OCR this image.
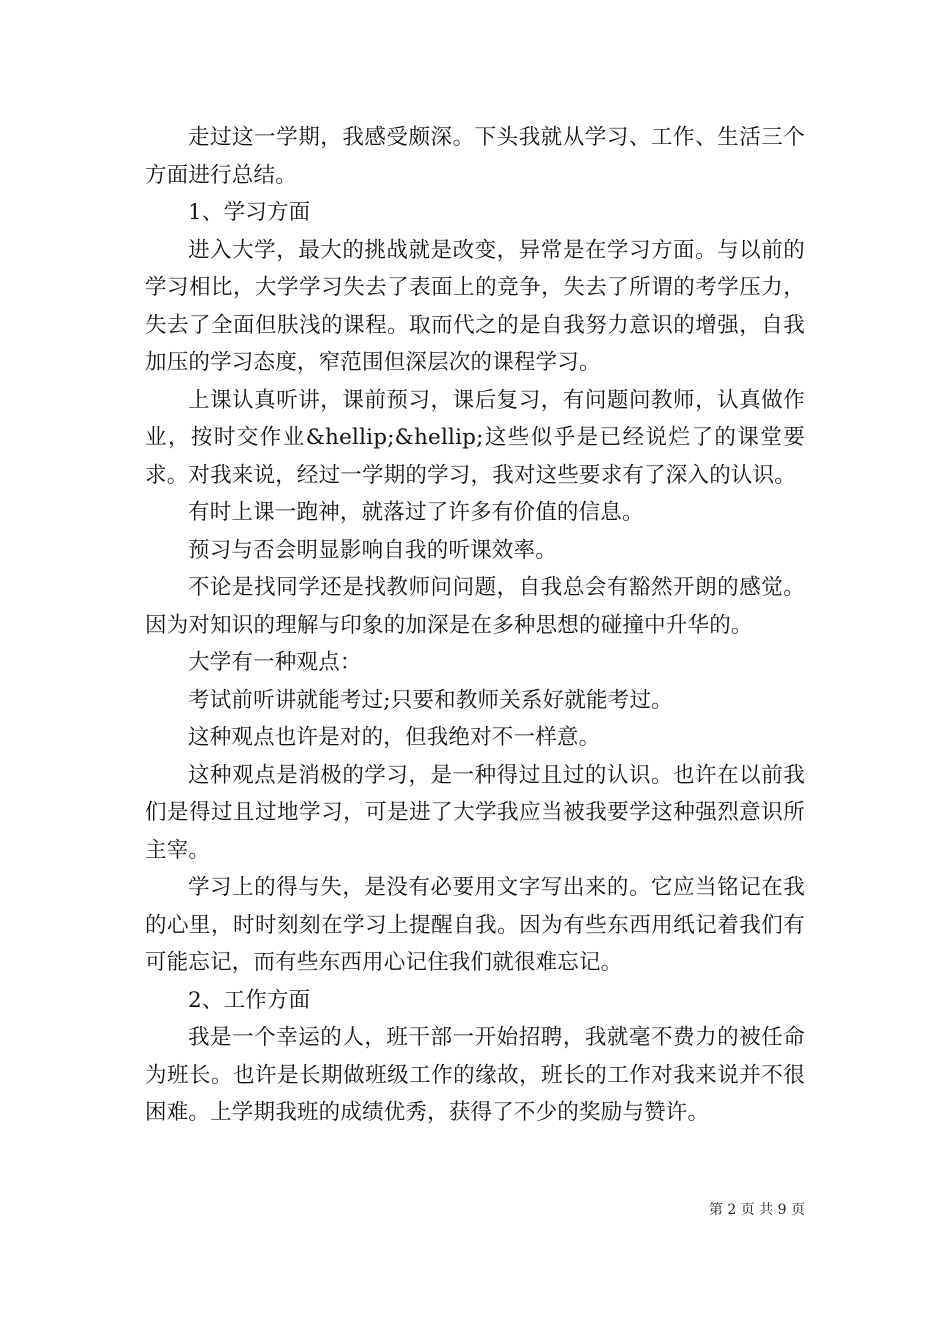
走过这一学期，我感受颇深。下头我就从学习、工作、生活三个方面进行总结。

1、学习方面

进入大学，最大的挑战就是改变，异常是在学习方面。与以前的学习相比，大学学习失去了表面上的竞争，失去了所谓的考学压力，失去了全面但肤浅的课程。取而代之的是自我努力意识的增强，自我加压的学习态度，窄范围但深层次的课程学习。

上课认真听讲，课前预习，课后复习，有问题问教师，认真做作业，按时交作业&hellip;&hellip;这些似乎是已经说烂了的课堂要求。对我来说，经过一学期的学习，我对这些要求有了深入的认识。

有时上课一跑神，就落过了许多有价值的信息。

预习与否会明显影响自我的听课效率。

不论是找同学还是找教师问问题，自我总会有豁然开朗的感觉。因为对知识的理解与印象的加深是在多种思想的碰撞中升华的。

大学有一种观点：

考试前听讲就能考过;只要和教师关系好就能考过。

这种观点也许是对的，但我绝对不一样意。

这种观点是消极的学习，是一种得过且过的认识。也许在以前我们是得过且过地学习，可是进了大学我应当被我要学这种强烈意识所主宰。

学习上的得与失，是没有必要用文字写出来的。它应当铭记在我的心里，时时刻刻在学习上提醒自我。因为有些东西用纸记着我们有可能忘记，而有些东西用心记住我们就很难忘记。

2、工作方面

我是一个幸运的人，班干部一开始招聘，我就毫不费力的被任命为班长。也许是长期做班级工作的缘故，班长的工作对我来说并不很困难。上学期我班的成绩优秀，获得了不少的奖励与赞许。

第 2 页 共 9 页
